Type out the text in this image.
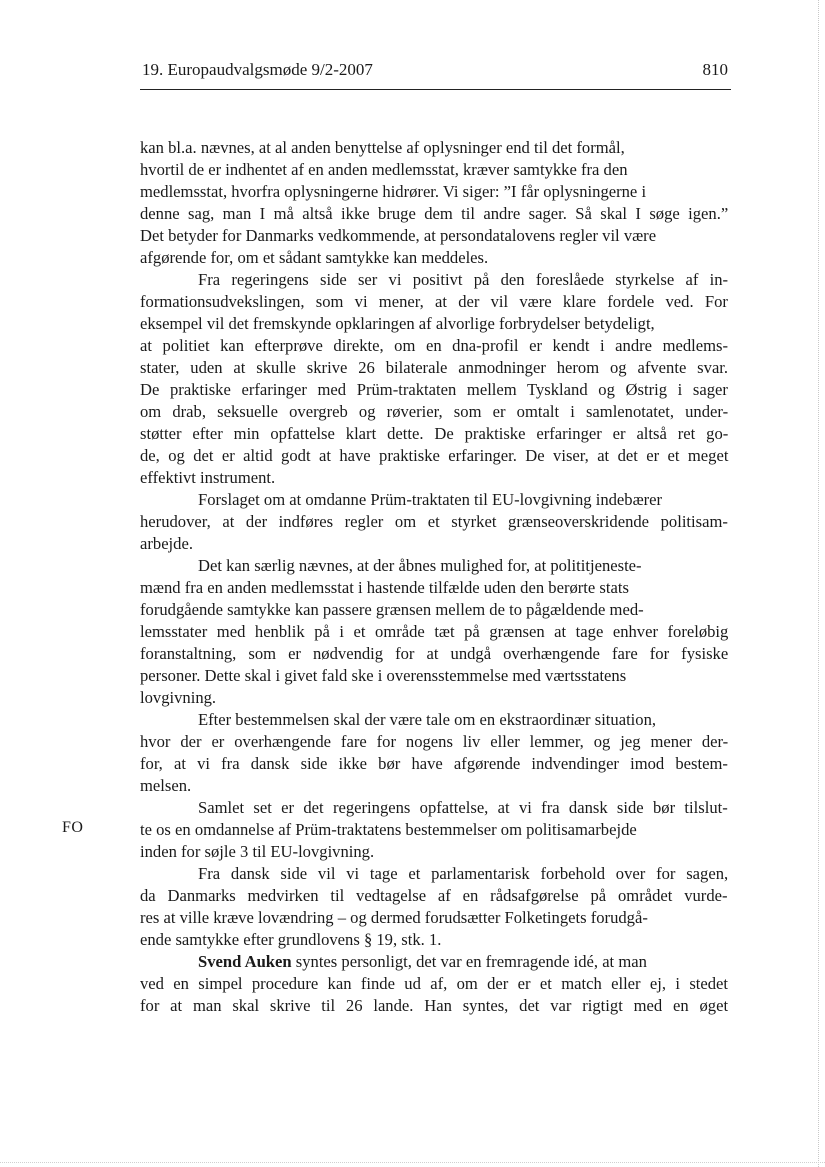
19. Europaudvalgsmøde 9/2-2007	810
FO
kan bl.a. nævnes, at al anden benyttelse af oplysninger end til det formål,
hvortil de er indhentet af en anden medlemsstat, kræver samtykke fra den
medlemsstat, hvorfra oplysningerne hidrører. Vi siger: ”I får oplysningerne i
denne sag, man I må altså ikke bruge dem til andre sager. Så skal I søge igen.”
Det betyder for Danmarks vedkommende, at persondatalovens regler vil være
afgørende for, om et sådant samtykke kan meddeles.
Fra regeringens side ser vi positivt på den foreslåede styrkelse af in-
formationsudvekslingen, som vi mener, at der vil være klare fordele ved. For
eksempel vil det fremskynde opklaringen af alvorlige forbrydelser betydeligt,
at politiet kan efterprøve direkte, om en dna-profil er kendt i andre medlems-
stater, uden at skulle skrive 26 bilaterale anmodninger herom og afvente svar.
De praktiske erfaringer med Prüm-traktaten mellem Tyskland og Østrig i sager
om drab, seksuelle overgreb og røverier, som er omtalt i samlenotatet, under-
støtter efter min opfattelse klart dette. De praktiske erfaringer er altså ret go-
de, og det er altid godt at have praktiske erfaringer. De viser, at det er et meget
effektivt instrument.
Forslaget om at omdanne Prüm-traktaten til EU-lovgivning indebærer
herudover, at der indføres regler om et styrket grænseoverskridende politisam-
arbejde.
Det kan særlig nævnes, at der åbnes mulighed for, at polititjeneste-
mænd fra en anden medlemsstat i hastende tilfælde uden den berørte stats
forudgående samtykke kan passere grænsen mellem de to pågældende med-
lemsstater med henblik på i et område tæt på grænsen at tage enhver foreløbig
foranstaltning, som er nødvendig for at undgå overhængende fare for fysiske
personer. Dette skal i givet fald ske i overensstemmelse med værtsstatens
lovgivning.
Efter bestemmelsen skal der være tale om en ekstraordinær situation,
hvor der er overhængende fare for nogens liv eller lemmer, og jeg mener der-
for, at vi fra dansk side ikke bør have afgørende indvendinger imod bestem-
melsen.
Samlet set er det regeringens opfattelse, at vi fra dansk side bør tilslut-
te os en omdannelse af Prüm-traktatens bestemmelser om politisamarbejde
inden for søjle 3 til EU-lovgivning.
Fra dansk side vil vi tage et parlamentarisk forbehold over for sagen,
da Danmarks medvirken til vedtagelse af en rådsafgørelse på området vurde-
res at ville kræve lovændring – og dermed forudsætter Folketingets forudgå-
ende samtykke efter grundlovens § 19, stk. 1.
Svend Auken syntes personligt, det var en fremragende idé, at man
ved en simpel procedure kan finde ud af, om der er et match eller ej, i stedet
for at man skal skrive til 26 lande. Han syntes, det var rigtigt med en øget
